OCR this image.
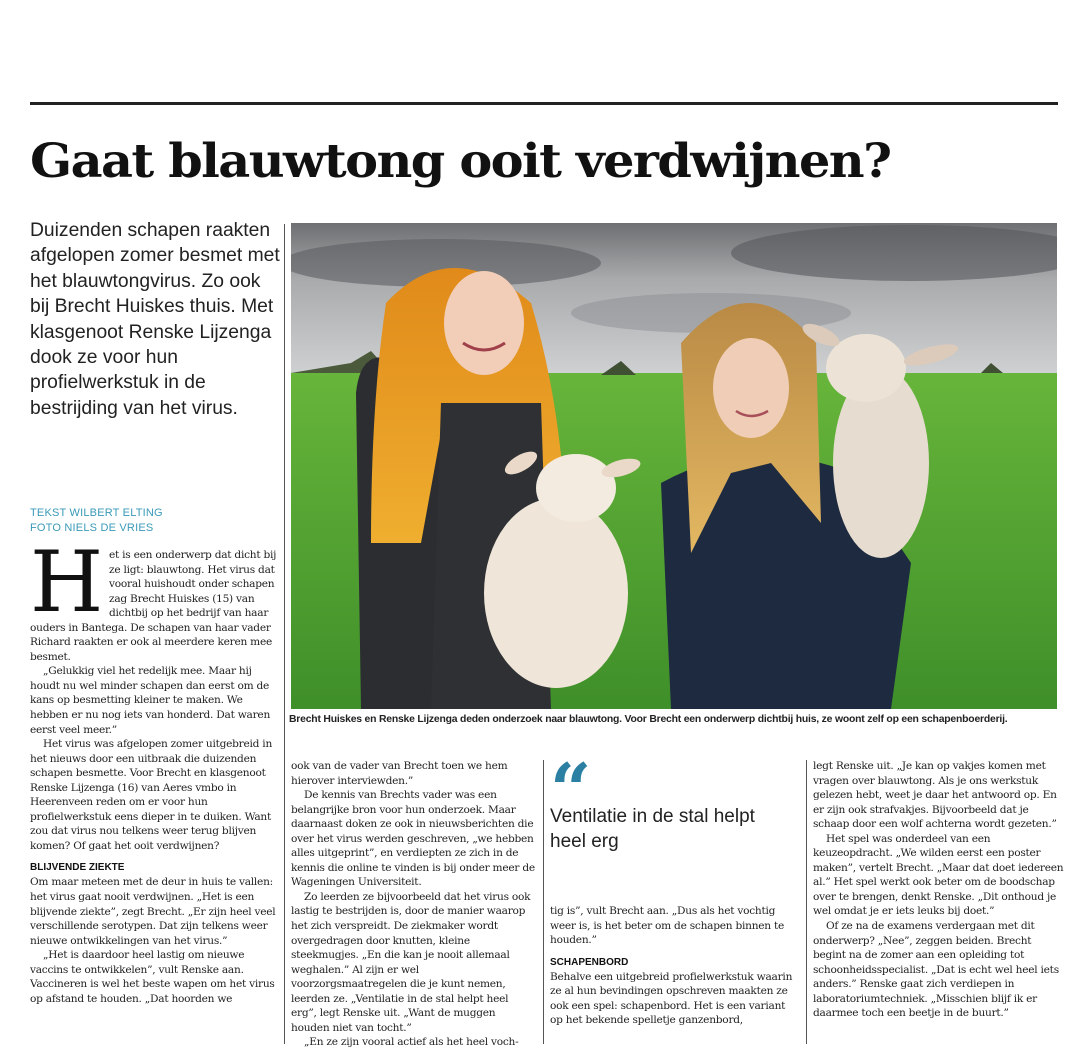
Gaat blauwtong ooit verdwijnen?

Duizenden schapen raakten afgelopen zomer besmet met het blauwtongvirus. Zo ook bij Brecht Huiskes thuis. Met klasgenoot Renske Lijzenga dook ze voor hun profielwerkstuk in de bestrijding van het virus.

TEKST WILBERT ELTING
FOTO NIELS DE VRIES

Het is een onderwerp dat dicht bij ze ligt: blauwtong. Het virus dat vooral huishoudt onder schapen zag Brecht Huiskes (15) van dichtbij op het bedrijf van haar ouders in Bantega. De schapen van haar vader Richard raakten er ook al meerdere keren mee besmet.

„Gelukkig viel het redelijk mee. Maar hij houdt nu wel minder schapen dan eerst om de kans op besmetting kleiner te maken. We hebben er nu nog iets van honderd. Dat waren eerst veel meer.”

Het virus was afgelopen zomer uitgebreid in het nieuws door een uitbraak die duizenden schapen besmette. Voor Brecht en klasgenoot Renske Lijzenga (16) van Aeres vmbo in Heerenveen reden om er voor hun profielwerkstuk eens dieper in te duiken. Want zou dat virus nou telkens weer terug blijven komen? Of gaat het ooit verdwijnen?

BLIJVENDE ZIEKTE

Om maar meteen met de deur in huis te vallen: het virus gaat nooit verdwijnen. „Het is een blijvende ziekte”, zegt Brecht. „Er zijn heel veel verschillende serotypen. Dat zijn telkens weer nieuwe ontwikkelingen van het virus.”

„Het is daardoor heel lastig om nieuwe vaccins te ontwikkelen”, vult Renske aan. Vaccineren is wel het beste wapen om het virus op afstand te houden. „Dat hoorden we

Brecht Huiskes en Renske Lijzenga deden onderzoek naar blauwtong. Voor Brecht een onderwerp dichtbij huis, ze woont zelf op een schapenboerderij.

ook van de vader van Brecht toen we hem hierover interviewden.”

De kennis van Brechts vader was een belangrijke bron voor hun onderzoek. Maar daarnaast doken ze ook in nieuwsberichten die over het virus werden geschreven, „we hebben alles uitgeprint”, en verdiepten ze zich in de kennis die online te vinden is bij onder meer de Wageningen Universiteit.

Zo leerden ze bijvoorbeeld dat het virus ook lastig te bestrijden is, door de manier waarop het zich verspreidt. De ziekmaker wordt overgedragen door knutten, kleine steekmugjes. „En die kan je nooit allemaal weghalen.” Al zijn er wel voorzorgsmaatregelen die je kunt nemen, leerden ze. „Ventilatie in de stal helpt heel erg”, legt Renske uit. „Want de muggen houden niet van tocht.”

„En ze zijn vooral actief als het heel voch-

“
Ventilatie in de stal helpt heel erg

tig is”, vult Brecht aan. „Dus als het vochtig weer is, is het beter om de schapen binnen te houden.”

SCHAPENBORD

Behalve een uitgebreid profielwerkstuk waarin ze al hun bevindingen opschreven maakten ze ook een spel: schapenbord. Het is een variant op het bekende spelletje ganzenbord,

legt Renske uit. „Je kan op vakjes komen met vragen over blauwtong. Als je ons werkstuk gelezen hebt, weet je daar het antwoord op. En er zijn ook strafvakjes. Bijvoorbeeld dat je schaap door een wolf achterna wordt gezeten.”

Het spel was onderdeel van een keuzeopdracht. „We wilden eerst een poster maken”, vertelt Brecht. „Maar dat doet iedereen al.” Het spel werkt ook beter om de boodschap over te brengen, denkt Renske. „Dit onthoud je wel omdat je er iets leuks bij doet.”

Of ze na de examens verdergaan met dit onderwerp? „Nee”, zeggen beiden. Brecht begint na de zomer aan een opleiding tot schoonheidsspecialist. „Dat is echt wel heel iets anders.” Renske gaat zich verdiepen in laboratoriumtechniek. „Misschien blijf ik er daarmee toch een beetje in de buurt.”
